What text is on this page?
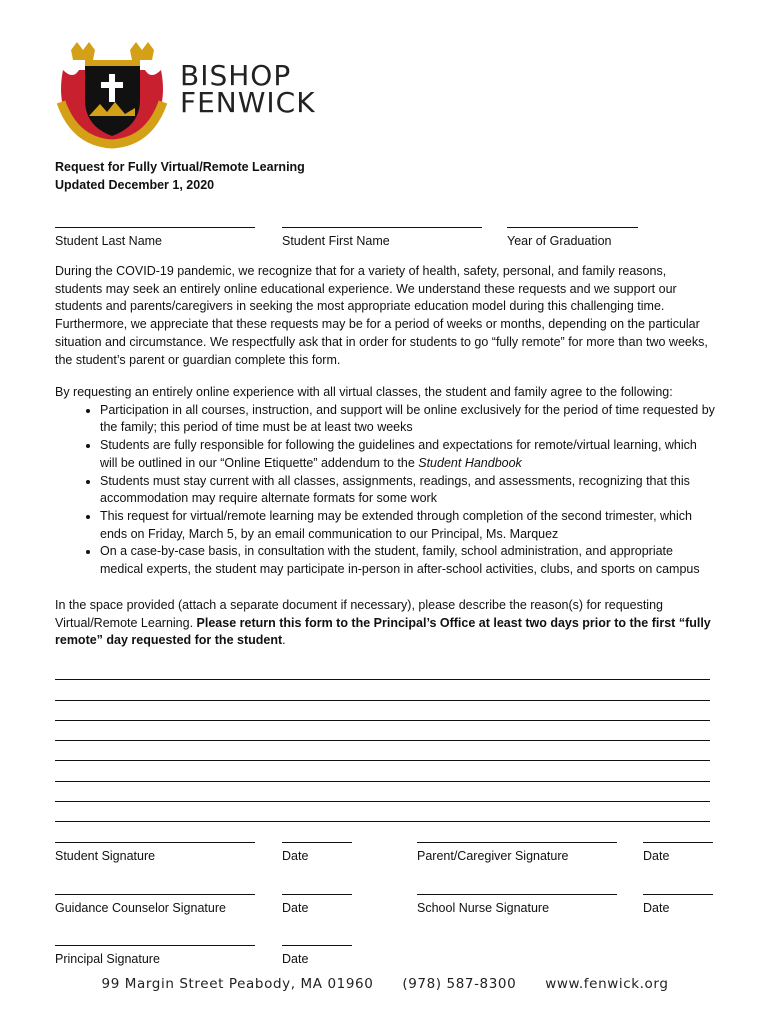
BISHOP
FENWICK
Request for Fully Virtual/Remote Learning
Updated December 1, 2020
Student Last Name	Student First Name	Year of Graduation
During the COVID-19 pandemic, we recognize that for a variety of health, safety, personal, and family reasons, students may seek an entirely online educational experience. We understand these requests and we support our students and parents/caregivers in seeking the most appropriate education model during this challenging time. Furthermore, we appreciate that these requests may be for a period of weeks or months, depending on the particular situation and circumstance. We respectfully ask that in order for students to go “fully remote” for more than two weeks, the student’s parent or guardian complete this form.
By requesting an entirely online experience with all virtual classes, the student and family agree to the following:
• Participation in all courses, instruction, and support will be online exclusively for the period of time requested by the family; this period of time must be at least two weeks
• Students are fully responsible for following the guidelines and expectations for remote/virtual learning, which will be outlined in our “Online Etiquette” addendum to the Student Handbook
• Students must stay current with all classes, assignments, readings, and assessments, recognizing that this accommodation may require alternate formats for some work
• This request for virtual/remote learning may be extended through completion of the second trimester, which ends on Friday, March 5, by an email communication to our Principal, Ms. Marquez
• On a case-by-case basis, in consultation with the student, family, school administration, and appropriate medical experts, the student may participate in-person in after-school activities, clubs, and sports on campus
In the space provided (attach a separate document if necessary), please describe the reason(s) for requesting Virtual/Remote Learning. Please return this form to the Principal’s Office at least two days prior to the first “fully remote” day requested for the student.
Student Signature	Date	Parent/Caregiver Signature	Date
Guidance Counselor Signature	Date	School Nurse Signature	Date
Principal Signature	Date
99 Margin Street Peabody, MA 01960 (978) 587-8300 www.fenwick.org
